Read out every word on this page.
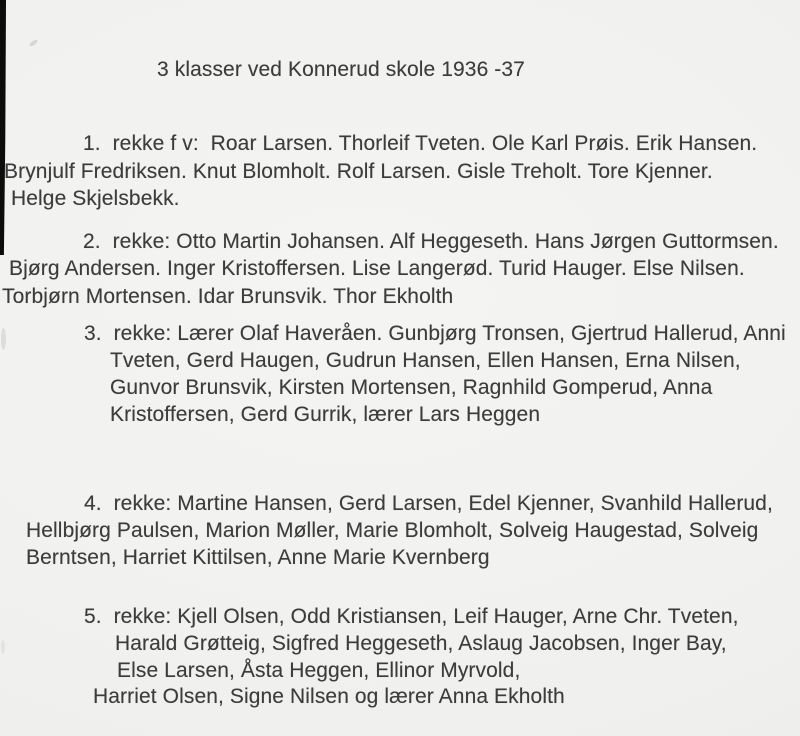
3 klasser ved Konnerud skole 1936 -37
1.  rekke f v:  Roar Larsen. Thorleif Tveten. Ole Karl Prøis. Erik Hansen.
Brynjulf Fredriksen. Knut Blomholt. Rolf Larsen. Gisle Treholt. Tore Kjenner.
Helge Skjelsbekk.
2.  rekke: Otto Martin Johansen. Alf Heggeseth. Hans Jørgen Guttormsen.
Bjørg Andersen. Inger Kristoffersen. Lise Langerød. Turid Hauger. Else Nilsen.
Torbjørn Mortensen. Idar Brunsvik. Thor Ekholth
3.  rekke: Lærer Olaf Haveråen. Gunbjørg Tronsen, Gjertrud Hallerud, Anni
Tveten, Gerd Haugen, Gudrun Hansen, Ellen Hansen, Erna Nilsen,
Gunvor Brunsvik, Kirsten Mortensen, Ragnhild Gomperud, Anna
Kristoffersen, Gerd Gurrik, lærer Lars Heggen
4.  rekke: Martine Hansen, Gerd Larsen, Edel Kjenner, Svanhild Hallerud,
Hellbjørg Paulsen, Marion Møller, Marie Blomholt, Solveig Haugestad, Solveig
Berntsen, Harriet Kittilsen, Anne Marie Kvernberg
5.  rekke: Kjell Olsen, Odd Kristiansen, Leif Hauger, Arne Chr. Tveten,
Harald Grøtteig, Sigfred Heggeseth, Aslaug Jacobsen, Inger Bay,
Else Larsen, Åsta Heggen, Ellinor Myrvold,
Harriet Olsen, Signe Nilsen og lærer Anna Ekholth
